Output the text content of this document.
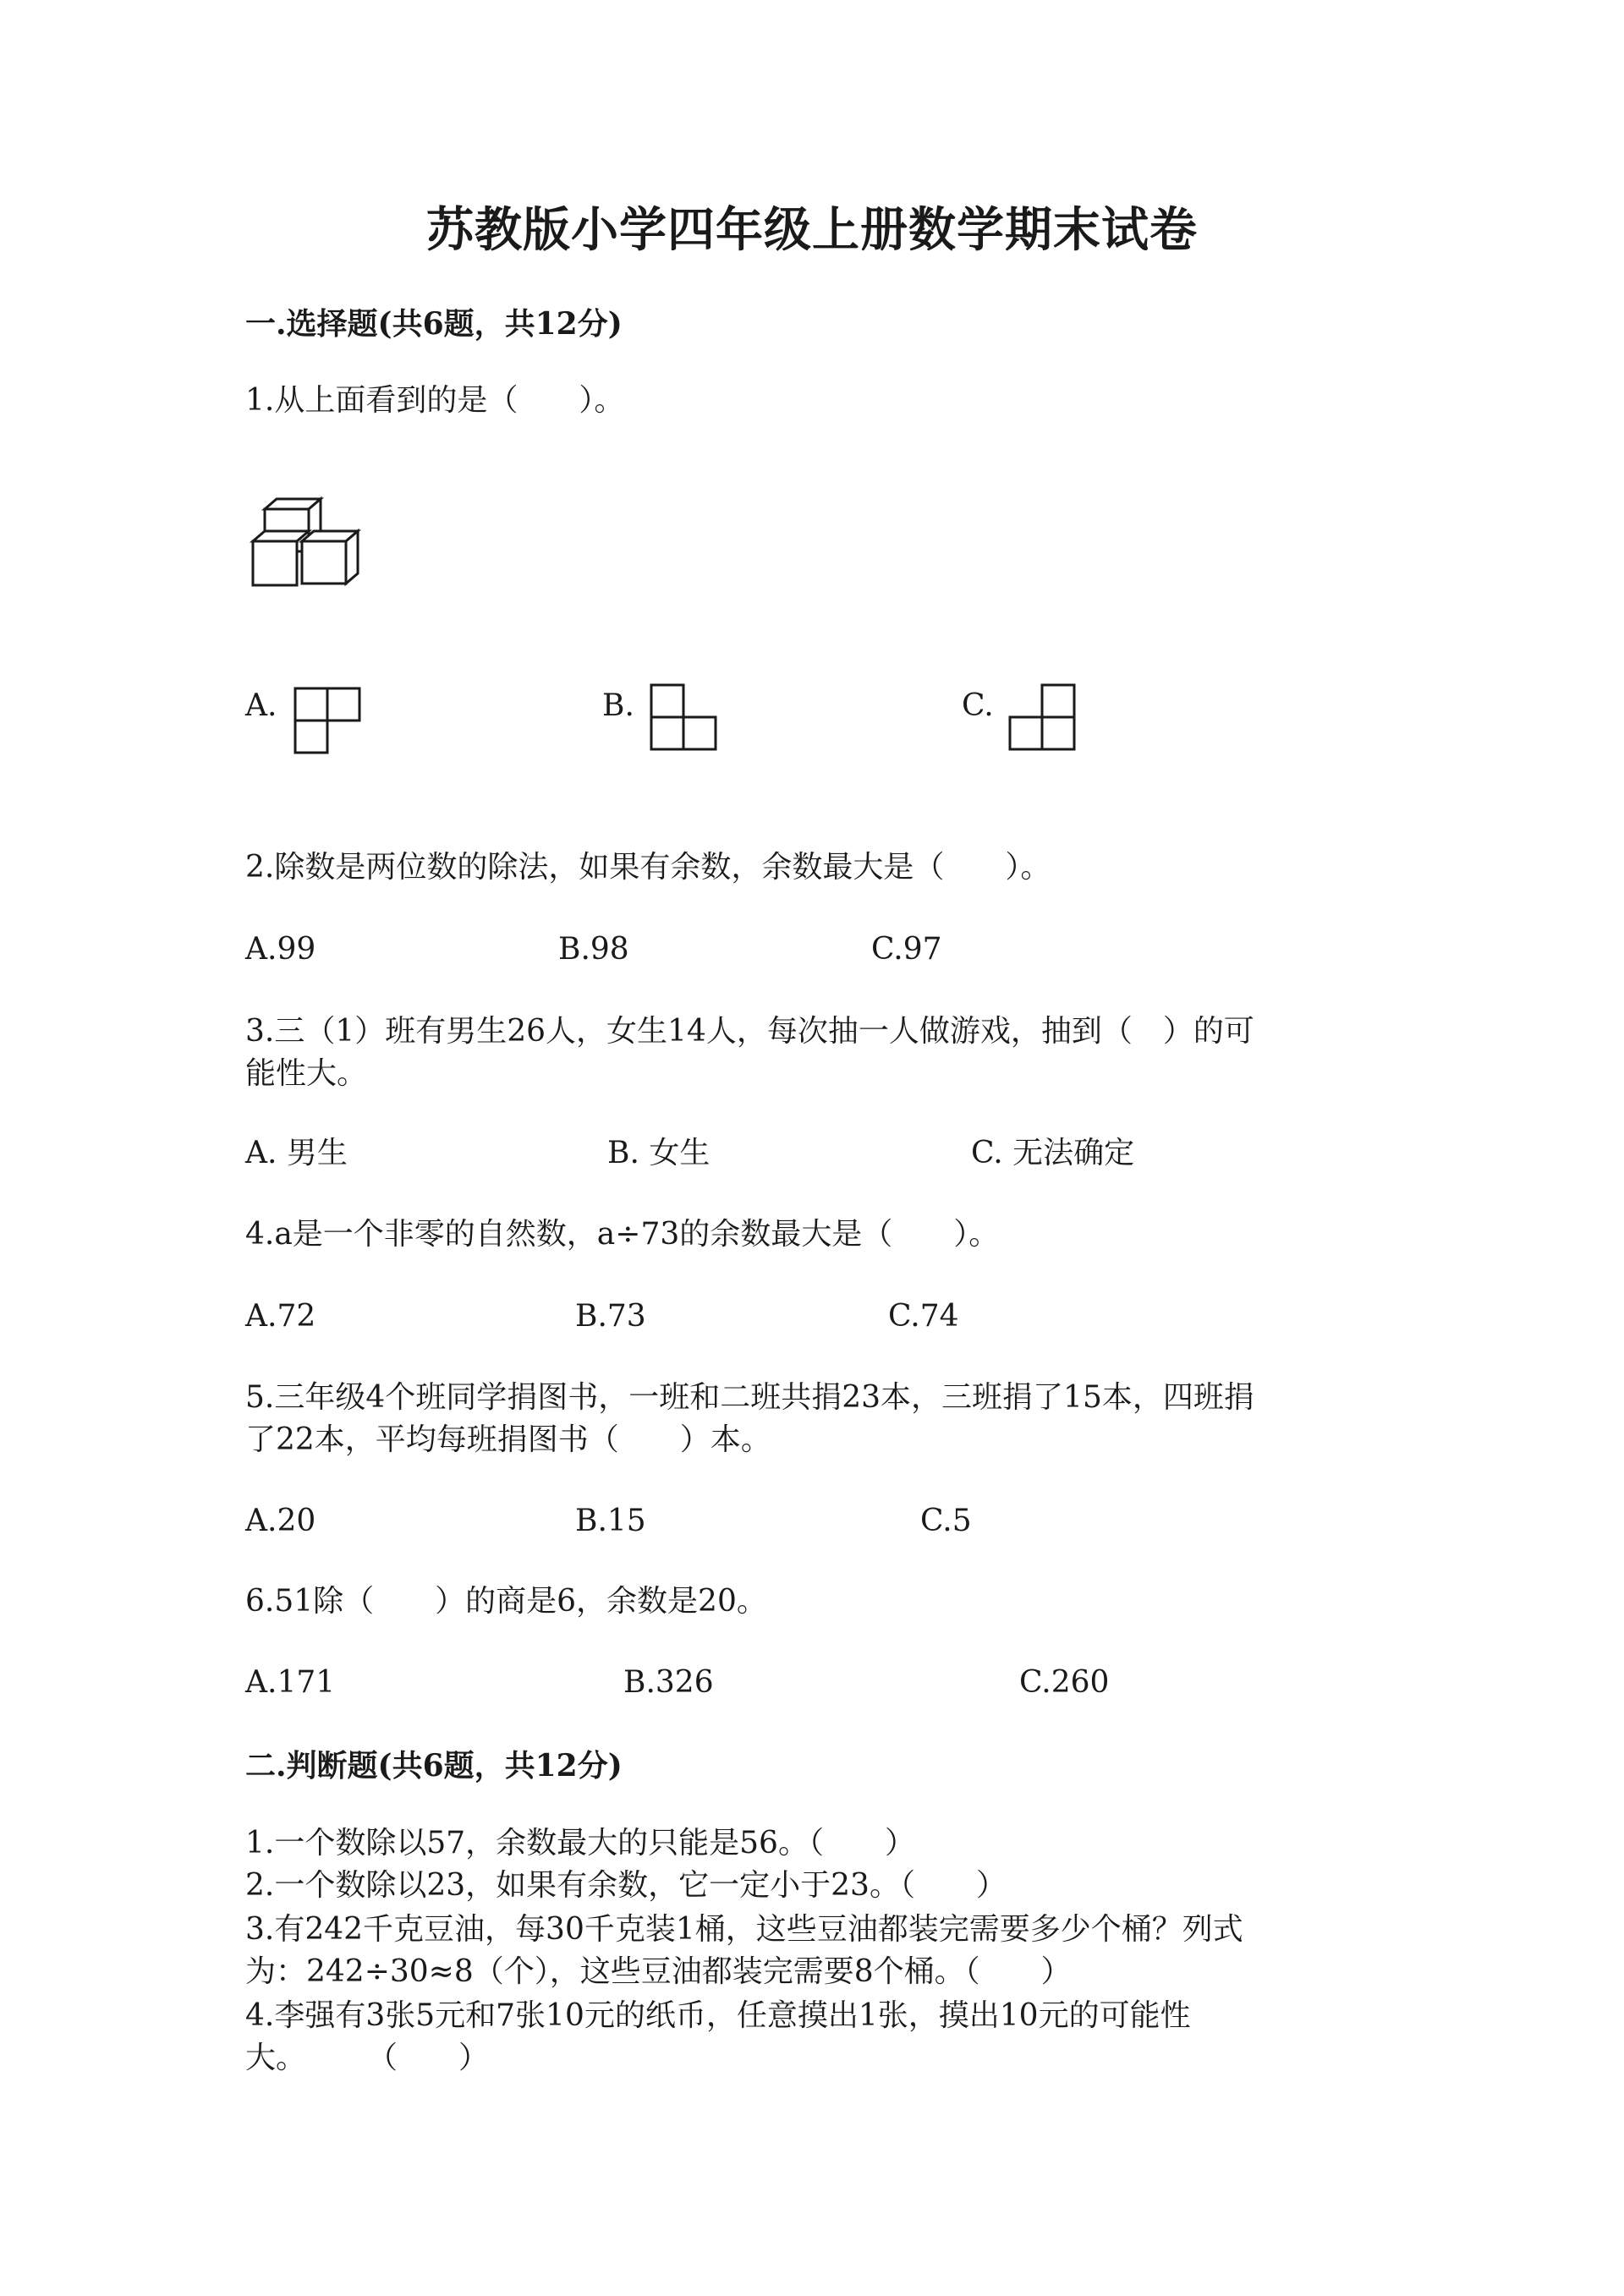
苏教版小学四年级上册数学期末试卷
一.选择题(共6题，共12分)
1.从上面看到的是（　　）。
A.	B.	C.
2.除数是两位数的除法，如果有余数，余数最大是（　　）。
A.99	B.98	C.97
3.三（1）班有男生26人，女生14人，每次抽一人做游戏，抽到（　）的可
能性大。
A. 男生	B. 女生	C. 无法确定
4.a是一个非零的自然数，a÷73的余数最大是（　　）。
A.72	B.73	C.74
5.三年级4个班同学捐图书，一班和二班共捐23本，三班捐了15本，四班捐
了22本，平均每班捐图书（　　）本。
A.20	B.15	C.5
6.51除（　　）的商是6，余数是20。
A.171	B.326	C.260
二.判断题(共6题，共12分)
1.一个数除以57，余数最大的只能是56。（　　）
2.一个数除以23，如果有余数，它一定小于23。（　　）
3.有242千克豆油，每30千克装1桶，这些豆油都装完需要多少个桶？列式
为：242÷30≈8（个），这些豆油都装完需要8个桶。（　　）
4.李强有3张5元和7张10元的纸币，任意摸出1张，摸出10元的可能性
大。　　　（　　）
